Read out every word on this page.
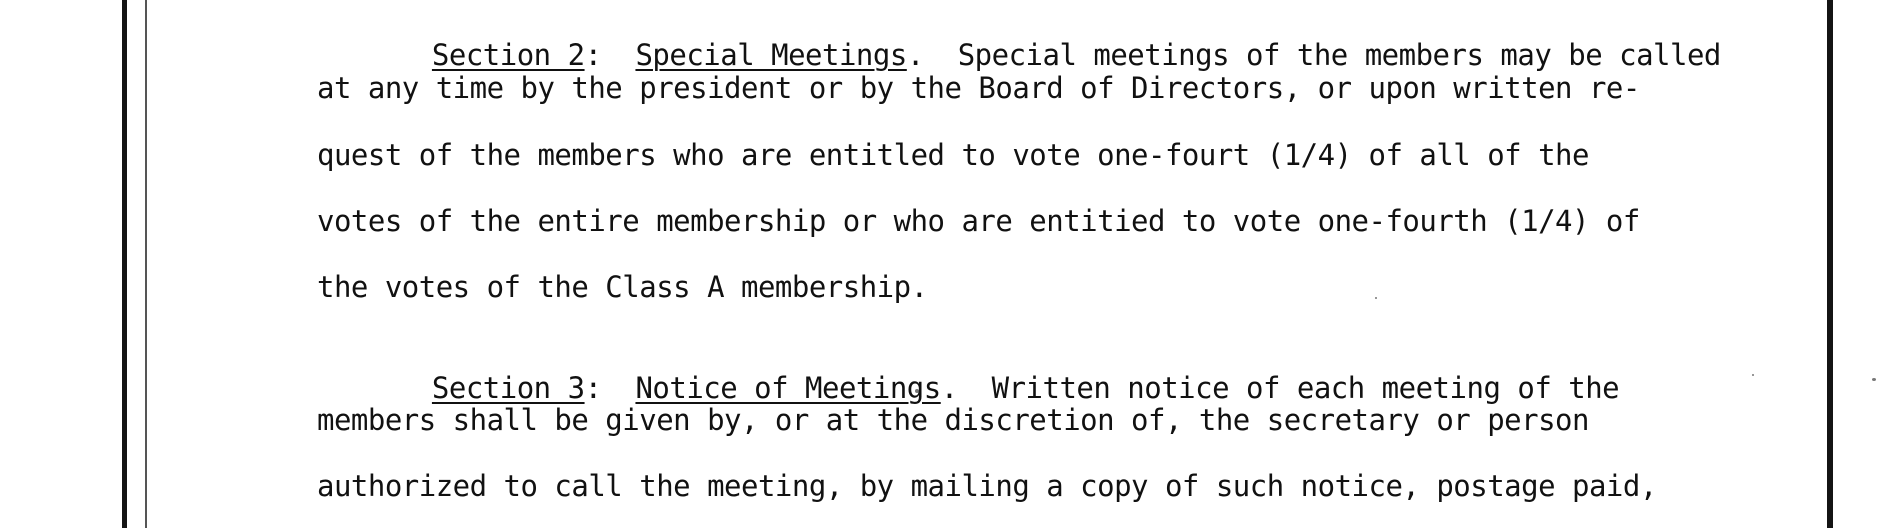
Section 2:  Special Meetings.  Special meetings of the members may be called

at any time by the president or by the Board of Directors, or upon written re-
quest of the members who are entitled to vote one-fourt (1/4) of all of the
votes of the entire membership or who are entitied to vote one-fourth (1/4) of
the votes of the Class A membership.

Section 3:  Notice of Meetings.  Written notice of each meeting of the

members shall be given by, or at the discretion of, the secretary or person
authorized to call the meeting, by mailing a copy of such notice, postage paid,
